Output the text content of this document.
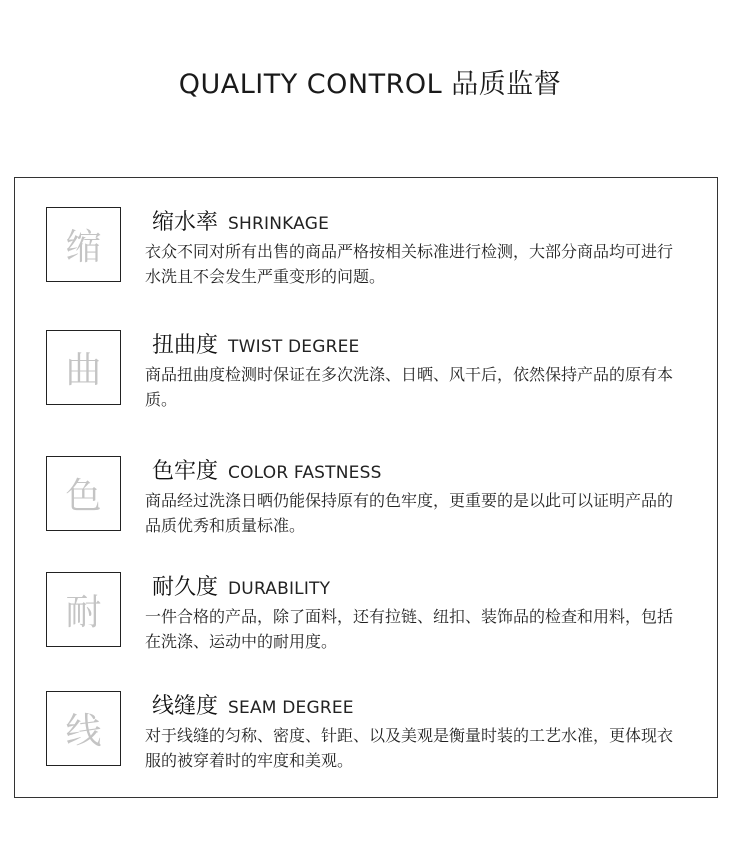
QUALITY CONTROL 品质监督
缩
缩水率 SHRINKAGE

衣众不同对所有出售的商品严格按相关标准进行检测，大部分商品均可进行水洗且不会发生严重变形的问题。

曲
扭曲度 TWIST DEGREE

商品扭曲度检测时保证在多次洗涤、日晒、风干后，依然保持产品的原有本质。

色
色牢度 COLOR FASTNESS

商品经过洗涤日晒仍能保持原有的色牢度，更重要的是以此可以证明产品的品质优秀和质量标准。

耐
耐久度 DURABILITY

一件合格的产品，除了面料，还有拉链、纽扣、装饰品的检查和用料，包括在洗涤、运动中的耐用度。

线
线缝度 SEAM DEGREE

对于线缝的匀称、密度、针距、以及美观是衡量时装的工艺水准，更体现衣服的被穿着时的牢度和美观。
